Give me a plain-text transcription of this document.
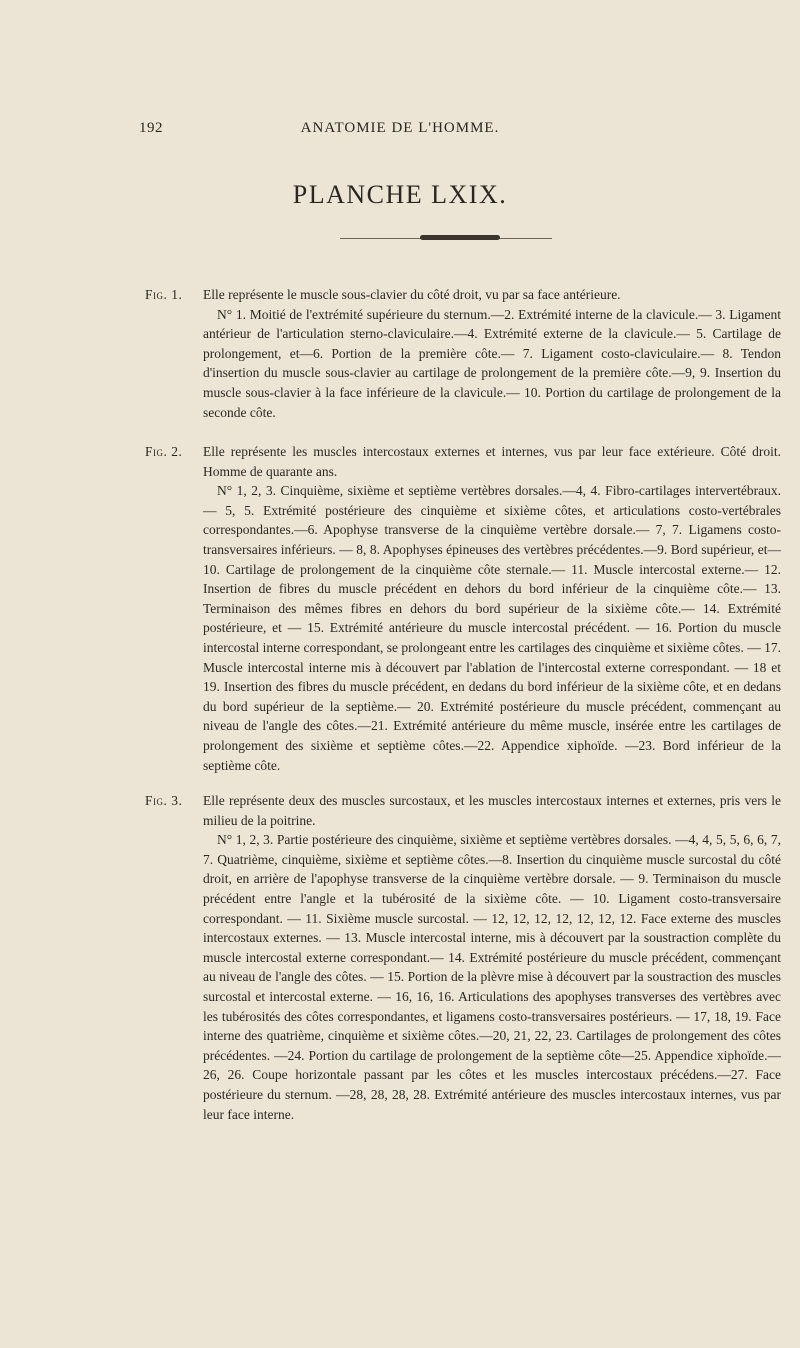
192	ANATOMIE DE L'HOMME.
PLANCHE LXIX.
Fig. 1.	Elle représente le muscle sous-clavier du côté droit, vu par sa face antérieure.

N° 1. Moitié de l'extrémité supérieure du sternum.—2. Extrémité interne de la clavicule.— 3. Ligament antérieur de l'articulation sterno-claviculaire.—4. Extrémité externe de la clavicule.— 5. Cartilage de prolongement, et—6. Portion de la première côte.— 7. Ligament costo-claviculaire.— 8. Tendon d'insertion du muscle sous-clavier au cartilage de prolongement de la première côte.—9, 9. Insertion du muscle sous-clavier à la face inférieure de la clavicule.— 10. Portion du cartilage de prolongement de la seconde côte.

Fig. 2.	Elle représente les muscles intercostaux externes et internes, vus par leur face extérieure. Côté droit. Homme de quarante ans.

N° 1, 2, 3. Cinquième, sixième et septième vertèbres dorsales.—4, 4. Fibro-cartilages intervertébraux. — 5, 5. Extrémité postérieure des cinquième et sixième côtes, et articulations costo-vertébrales correspondantes.—6. Apophyse transverse de la cinquième vertèbre dorsale.— 7, 7. Ligamens costo-transversaires inférieurs. — 8, 8. Apophyses épineuses des vertèbres précédentes.—9. Bord supérieur, et— 10. Cartilage de prolongement de la cinquième côte sternale.— 11. Muscle intercostal externe.— 12. Insertion de fibres du muscle précédent en dehors du bord inférieur de la cinquième côte.— 13. Terminaison des mêmes fibres en dehors du bord supérieur de la sixième côte.— 14. Extrémité postérieure, et — 15. Extrémité antérieure du muscle intercostal précédent. — 16. Portion du muscle intercostal interne correspondant, se prolongeant entre les cartilages des cinquième et sixième côtes. — 17. Muscle intercostal interne mis à découvert par l'ablation de l'intercostal externe correspondant. — 18 et 19. Insertion des fibres du muscle précédent, en dedans du bord inférieur de la sixième côte, et en dedans du bord supérieur de la septième.— 20. Extrémité postérieure du muscle précédent, commençant au niveau de l'angle des côtes.—21. Extrémité antérieure du même muscle, insérée entre les cartilages de prolongement des sixième et septième côtes.—22. Appendice xiphoïde. —23. Bord inférieur de la septième côte.

Fig. 3.	Elle représente deux des muscles surcostaux, et les muscles intercostaux internes et externes, pris vers le milieu de la poitrine.

N° 1, 2, 3. Partie postérieure des cinquième, sixième et septième vertèbres dorsales. —4, 4, 5, 5, 6, 6, 7, 7. Quatrième, cinquième, sixième et septième côtes.—8. Insertion du cinquième muscle surcostal du côté droit, en arrière de l'apophyse transverse de la cinquième vertèbre dorsale. — 9. Terminaison du muscle précédent entre l'angle et la tubérosité de la sixième côte. — 10. Ligament costo-transversaire correspondant. — 11. Sixième muscle surcostal. — 12, 12, 12, 12, 12, 12, 12. Face externe des muscles intercostaux externes. — 13. Muscle intercostal interne, mis à découvert par la soustraction complète du muscle intercostal externe correspondant.— 14. Extrémité postérieure du muscle précédent, commençant au niveau de l'angle des côtes. — 15. Portion de la plèvre mise à découvert par la soustraction des muscles surcostal et intercostal externe. — 16, 16, 16. Articulations des apophyses transverses des vertèbres avec les tubérosités des côtes correspondantes, et ligamens costo-transversaires postérieurs. — 17, 18, 19. Face interne des quatrième, cinquième et sixième côtes.—20, 21, 22, 23. Cartilages de prolongement des côtes précédentes. —24. Portion du cartilage de prolongement de la septième côte—25. Appendice xiphoïde.—26, 26. Coupe horizontale passant par les côtes et les muscles intercostaux précédens.—27. Face postérieure du sternum. —28, 28, 28, 28. Extrémité antérieure des muscles intercostaux internes, vus par leur face interne.
